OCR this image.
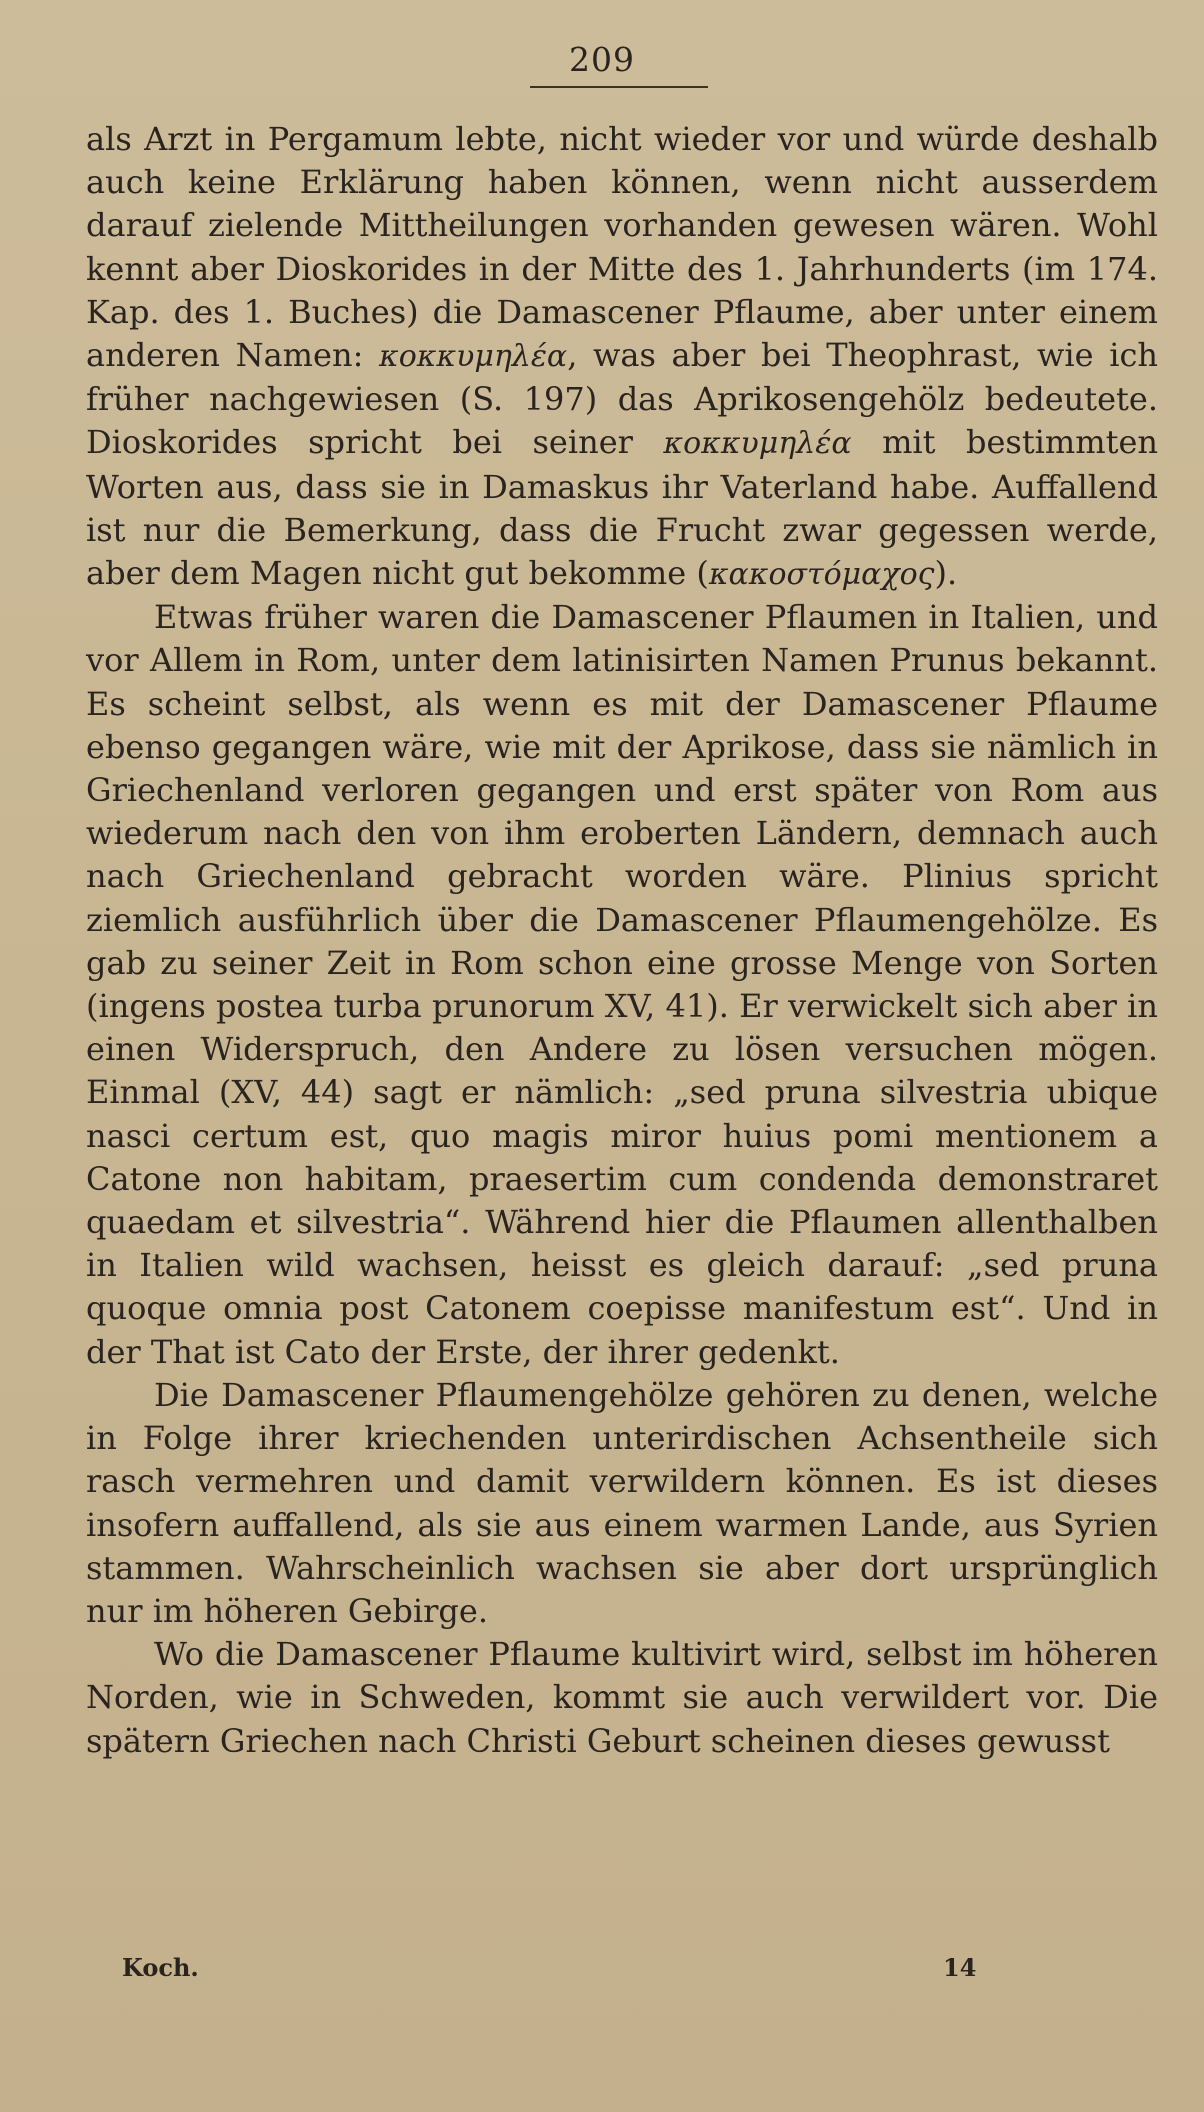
209

als Arzt in Pergamum lebte, nicht wieder vor und würde deshalb auch keine Erklärung haben können, wenn nicht ausserdem darauf zielende Mittheilungen vorhanden gewesen wären. Wohl kennt aber Dioskorides in der Mitte des 1. Jahrhunderts (im 174. Kap. des 1. Buches) die Damascener Pflaume, aber unter einem anderen Namen: κοκκυμηλέα, was aber bei Theophrast, wie ich früher nachgewiesen (S. 197) das Aprikosengehölz bedeutete. Dioskorides spricht bei seiner κοκκυμηλέα mit bestimmten Worten aus, dass sie in Damaskus ihr Vaterland habe. Auffallend ist nur die Bemerkung, dass die Frucht zwar gegessen werde, aber dem Magen nicht gut bekomme (κακοστόμαχος).

Etwas früher waren die Damascener Pflaumen in Italien, und vor Allem in Rom, unter dem latinisirten Namen Prunus bekannt. Es scheint selbst, als wenn es mit der Damascener Pflaume ebenso gegangen wäre, wie mit der Aprikose, dass sie nämlich in Griechenland verloren gegangen und erst später von Rom aus wiederum nach den von ihm eroberten Ländern, demnach auch nach Griechenland gebracht worden wäre. Plinius spricht ziemlich ausführlich über die Damascener Pflaumengehölze. Es gab zu seiner Zeit in Rom schon eine grosse Menge von Sorten (ingens postea turba prunorum XV, 41). Er verwickelt sich aber in einen Widerspruch, den Andere zu lösen versuchen mögen. Einmal (XV, 44) sagt er nämlich: „sed pruna silvestria ubique nasci certum est, quo magis miror huius pomi mentionem a Catone non habitam, praesertim cum condenda demonstraret quaedam et silvestria“. Während hier die Pflaumen allenthalben in Italien wild wachsen, heisst es gleich darauf: „sed pruna quoque omnia post Catonem coepisse manifestum est“. Und in der That ist Cato der Erste, der ihrer gedenkt.

Die Damascener Pflaumengehölze gehören zu denen, welche in Folge ihrer kriechenden unterirdischen Achsentheile sich rasch vermehren und damit verwildern können. Es ist dieses insofern auffallend, als sie aus einem warmen Lande, aus Syrien stammen. Wahrscheinlich wachsen sie aber dort ursprünglich nur im höheren Gebirge.

Wo die Damascener Pflaume kultivirt wird, selbst im höheren Norden, wie in Schweden, kommt sie auch verwildert vor. Die spätern Griechen nach Christi Geburt scheinen dieses gewusst

Koch.	14
